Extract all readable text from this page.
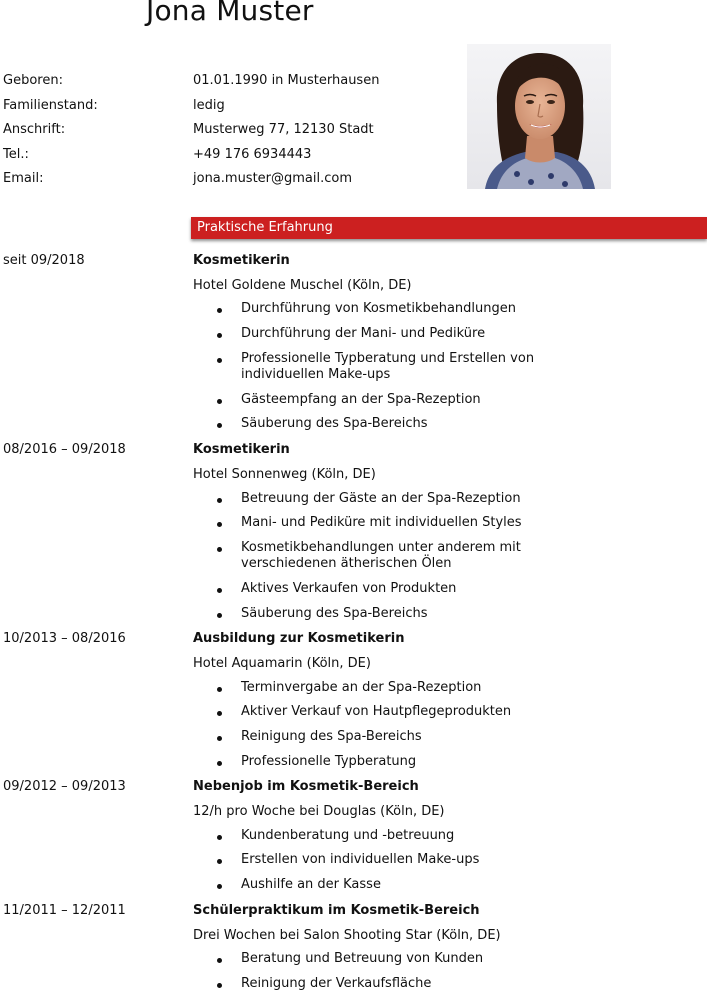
Jona Muster
Geboren:	01.01.1990 in Musterhausen
Familienstand:	ledig
Anschrift:	Musterweg 77, 12130 Stadt
Tel.:	+49 176 6934443
Email:	jona.muster@gmail.com
Praktische Erfahrung
seit 09/2018	Kosmetikerin
Hotel Goldene Muschel (Köln, DE)
Durchführung von Kosmetikbehandlungen
Durchführung der Mani- und Pediküre
Professionelle Typberatung und Erstellen von individuellen Make-ups
Gästeempfang an der Spa-Rezeption
Säuberung des Spa-Bereichs
08/2016 – 09/2018	Kosmetikerin
Hotel Sonnenweg (Köln, DE)
Betreuung der Gäste an der Spa-Rezeption
Mani- und Pediküre mit individuellen Styles
Kosmetikbehandlungen unter anderem mit verschiedenen ätherischen Ölen
Aktives Verkaufen von Produkten
Säuberung des Spa-Bereichs
10/2013 – 08/2016	Ausbildung zur Kosmetikerin
Hotel Aquamarin (Köln, DE)
Terminvergabe an der Spa-Rezeption
Aktiver Verkauf von Hautpflegeprodukten
Reinigung des Spa-Bereichs
Professionelle Typberatung
09/2012 – 09/2013	Nebenjob im Kosmetik-Bereich
12/h pro Woche bei Douglas (Köln, DE)
Kundenberatung und -betreuung
Erstellen von individuellen Make-ups
Aushilfe an der Kasse
11/2011 – 12/2011	Schülerpraktikum im Kosmetik-Bereich
Drei Wochen bei Salon Shooting Star (Köln, DE)
Beratung und Betreuung von Kunden
Reinigung der Verkaufsfläche
